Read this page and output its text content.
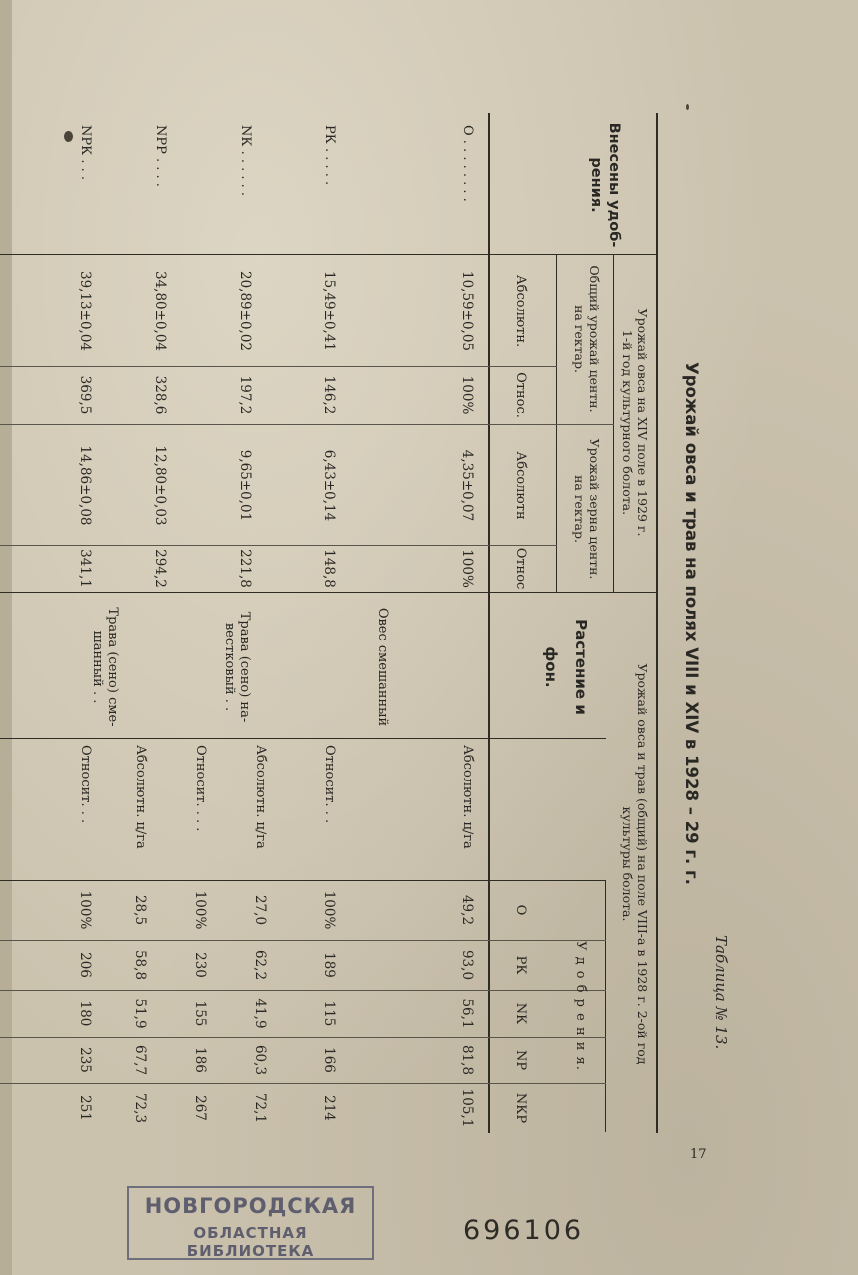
Таблица № 13.
Урожай овса и трав на полях VIII и XIV в 1928 – 29 г. г.
Внесены удоб-
рения.
Урожай овса на XIV поле в 1929 г.
1-й год культурного болота.
Общий урожай центн.
на гектар.
Урожай зерна центн.
на гектар.
Абсолютн.
Относ.
Абсолютн
Относ
Урожай овса и трав (общий) на поле VIII-а в 1928 г. 2-ой год
культуры болота.
Растение и
фон.
У д о б р е н и я.
О
РК
NК
NР
NКР
О . . . . . . . .
10,59±0,05
100%
4,35±0,07
100%
РК . . . . .
15,49±0,41
146,2
6,43±0,14
148,8
NК . . . . . .
20,89±0,02
197,2
9,65±0,01
221,8
NРР . . . .
34,80±0,04
328,6
12,80±0,03
294,2
NРК . . .
39,13±0,04
369,5
14,86±0,08
341,1
Овес смешанный
Трава (сено) на-
вестковый . .
Трава (сено) сме-
шанный . .
Абсолютн. ц/га
49,2
93,0
56,1
81,8
105,1
Относит. . .
100%
189
115
166
214
Абсолютн. ц/га
27,0
62,2
41,9
60,3
72,1
Относит. . . .
100%
230
155
186
267
Абсолютн. ц/га
28,5
58,8
51,9
67,7
72,3
Относит. . .
100%
206
180
235
251
17
НОВГОРОДСКАЯ
ОБЛАСТНАЯ БИБЛИОТЕКА
696106
